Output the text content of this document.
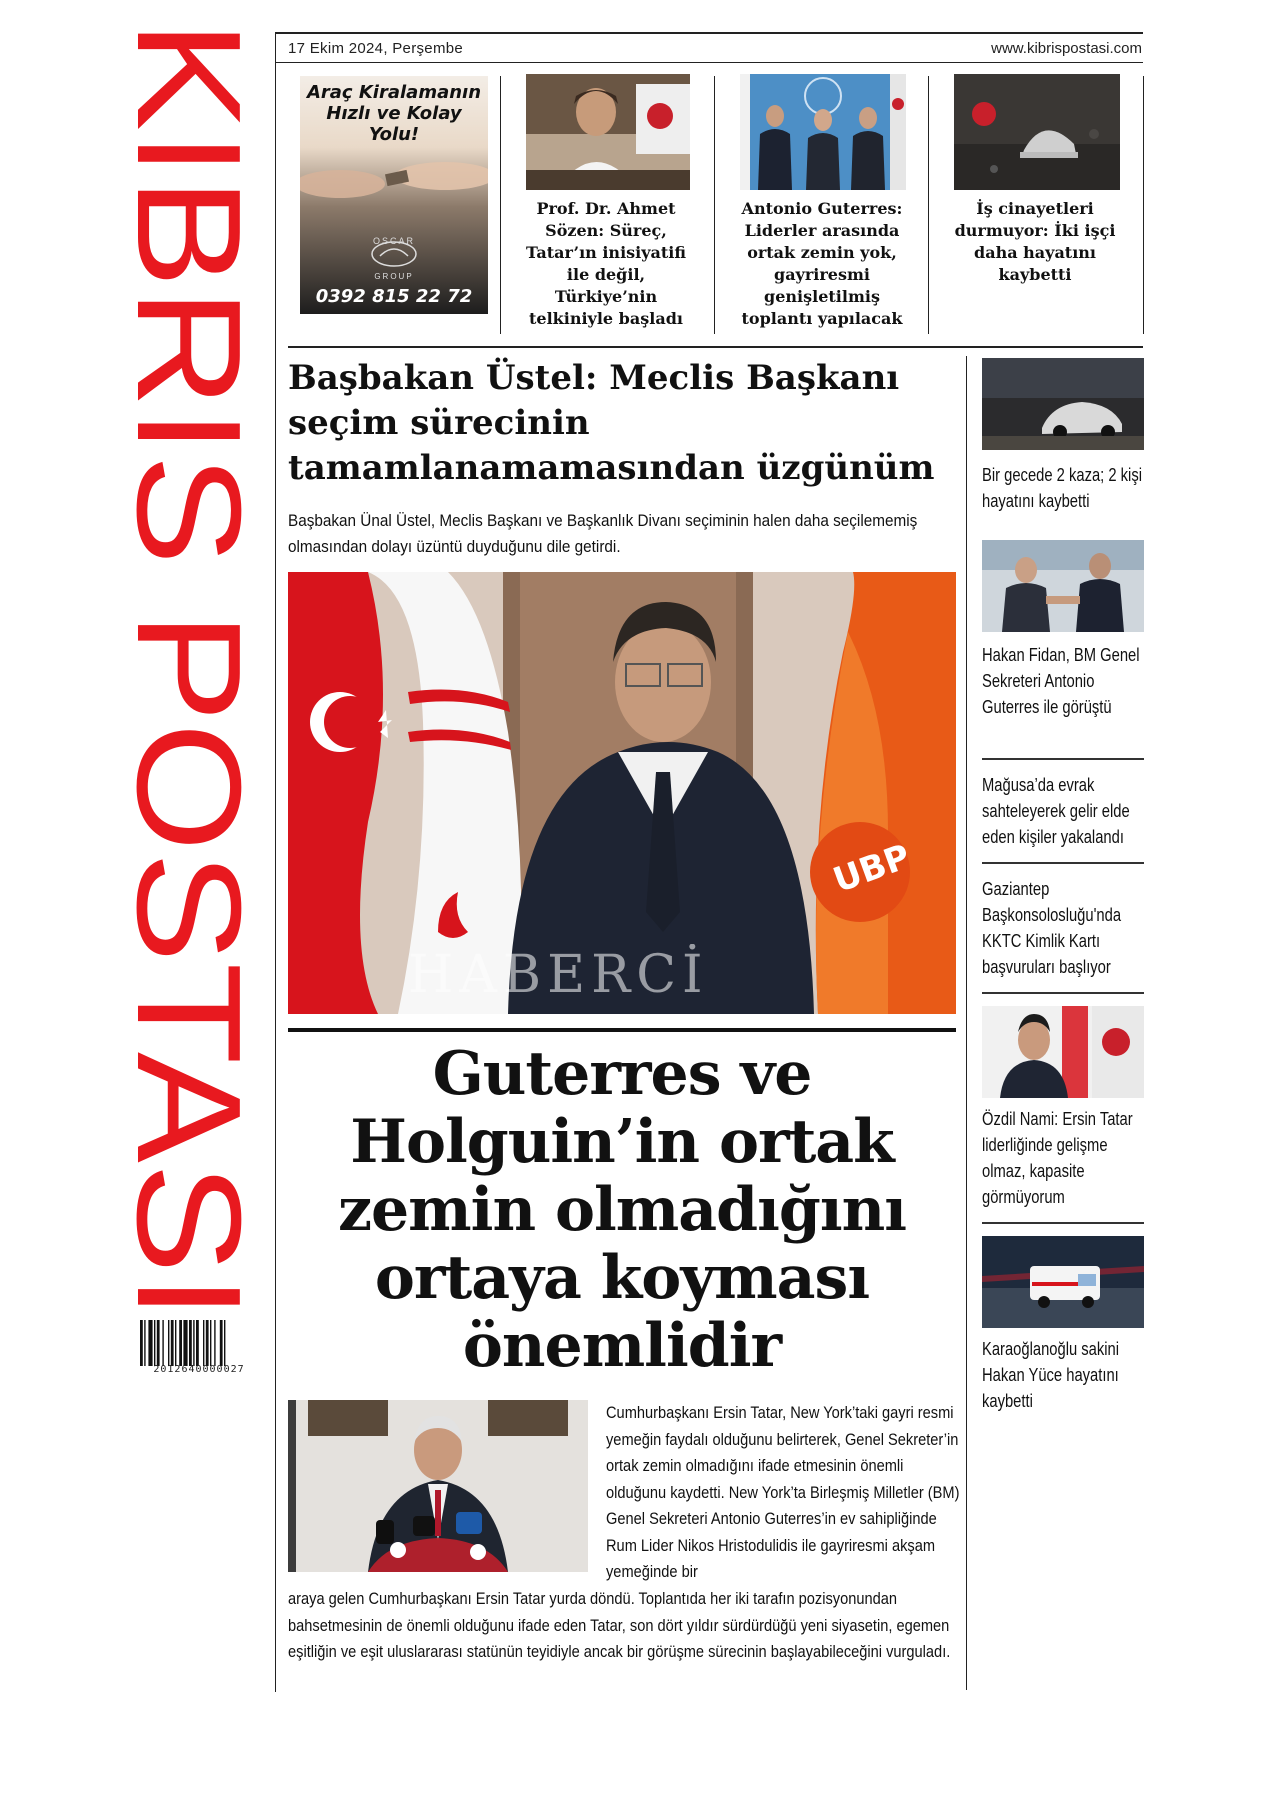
KIBRIS POSTASI
2012640000027
17 Ekim 2024, Perşembe	www.kibrispostasi.com
Araç Kiralamanın
Hızlı ve Kolay
Yolu!
OSCAR
GROUP
0392 815 22 72
Prof. Dr. Ahmet Sözen: Süreç, Tatar’ın inisiyatifi ile değil, Türkiye’nin telkiniyle başladı
Antonio Guterres: Liderler arasında ortak zemin yok, gayriresmi genişletilmiş toplantı yapılacak
İş cinayetleri durmuyor: İki işçi daha hayatını kaybetti
Başbakan Üstel: Meclis Başkanı seçim sürecinin tamamlanamamasından üzgünüm
Başbakan Ünal Üstel, Meclis Başkanı ve Başkanlık Divanı seçiminin halen daha seçilememiş olmasından dolayı üzüntü duyduğunu dile getirdi.
UBP
HABERCİ
Guterres ve Holguin’in ortak zemin olmadığını ortaya koyması önemlidir
Cumhurbaşkanı Ersin Tatar, New York’taki gayri resmi yemeğin faydalı olduğunu belirterek, Genel Sekreter’in ortak zemin olmadığını ifade etmesinin önemli olduğunu kaydetti. New York’ta Birleşmiş Milletler (BM) Genel Sekreteri Antonio Guterres’in ev sahipliğinde Rum Lider Nikos Hristodulidis ile gayriresmi akşam yemeğinde bir
araya gelen Cumhurbaşkanı Ersin Tatar yurda döndü. Toplantıda her iki tarafın pozisyonundan bahsetmesinin de önemli olduğunu ifade eden Tatar, son dört yıldır sürdürdüğü yeni siyasetin, egemen eşitliğin ve eşit uluslararası statünün teyidiyle ancak bir görüşme sürecinin başlayabileceğini vurguladı.
Bir gecede 2 kaza; 2 kişi hayatını kaybetti
Hakan Fidan, BM Genel Sekreteri Antonio Guterres ile görüştü
Mağusa’da evrak sahteleyerek gelir elde eden kişiler yakalandı
Gaziantep Başkonsolosluğu'nda KKTC Kimlik Kartı başvuruları başlıyor
Özdil Nami: Ersin Tatar liderliğinde gelişme olmaz, kapasite görmüyorum
Karaoğlanoğlu sakini Hakan Yüce hayatını kaybetti
